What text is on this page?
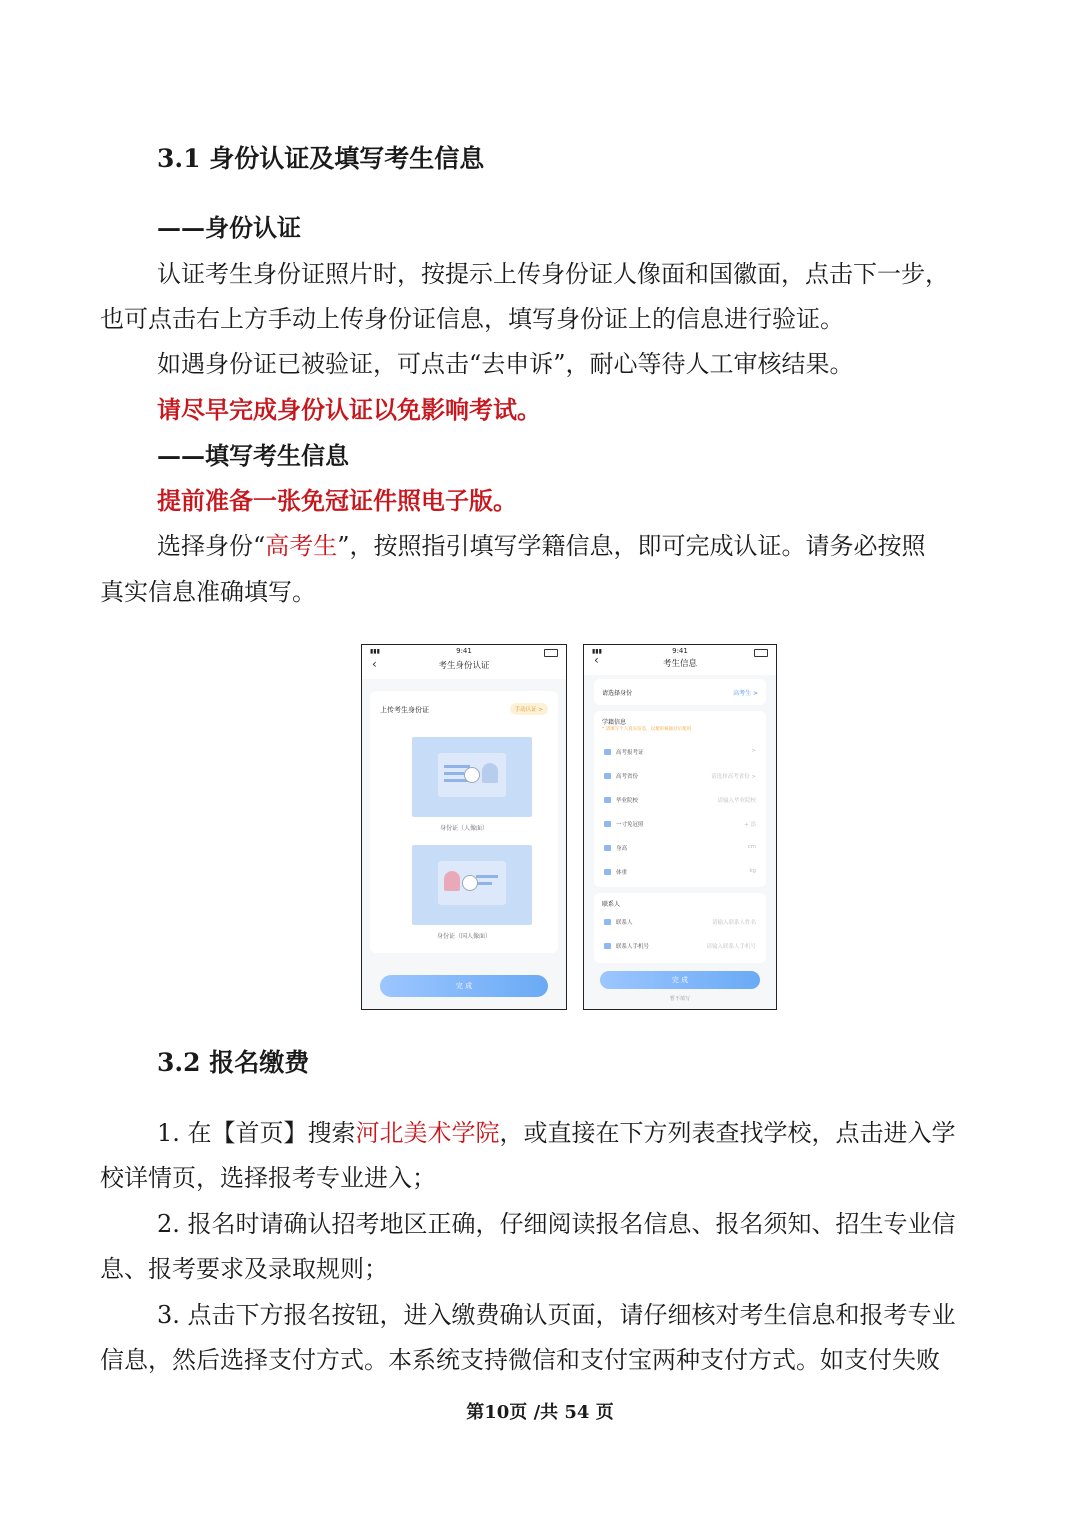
3.1 身份认证及填写考生信息
——身份认证
认证考生身份证照片时，按提示上传身份证人像面和国徽面，点击下一步，
也可点击右上方手动上传身份证信息，填写身份证上的信息进行验证。
如遇身份证已被验证，可点击“去申诉”，耐心等待人工审核结果。
请尽早完成身份认证以免影响考试。
——填写考生信息
提前准备一张免冠证件照电子版。
选择身份“高考生”，按照指引填写学籍信息，即可完成认证。请务必按照
真实信息准确填写。
▮▮▮	9:41
‹	考生身份认证
上传考生身份证	手动认证 >
身份证（人像面）
身份证（国人像面）
完 成
▮▮▮	9:41
‹	考生信息
请选择身份	高考生 >
学籍信息
* 请填写个人真实信息，以便审核通过后使用
高考报考证	>
高考省份	请选择高考省份 >
毕业院校	请输入毕业院校
一寸免冠照	+ 添
身高	cm
体重	kg
联系人
联系人	请输入联系人姓名
联系人手机号	请输入联系人手机号
完 成
暂不填写
3.2 报名缴费
1. 在【首页】搜索河北美术学院，或直接在下方列表查找学校，点击进入学
校详情页，选择报考专业进入；
2. 报名时请确认招考地区正确，仔细阅读报名信息、报名须知、招生专业信
息、报考要求及录取规则；
3. 点击下方报名按钮，进入缴费确认页面，请仔细核对考生信息和报考专业
信息，然后选择支付方式。本系统支持微信和支付宝两种支付方式。如支付失败
第10页 /共 54 页
